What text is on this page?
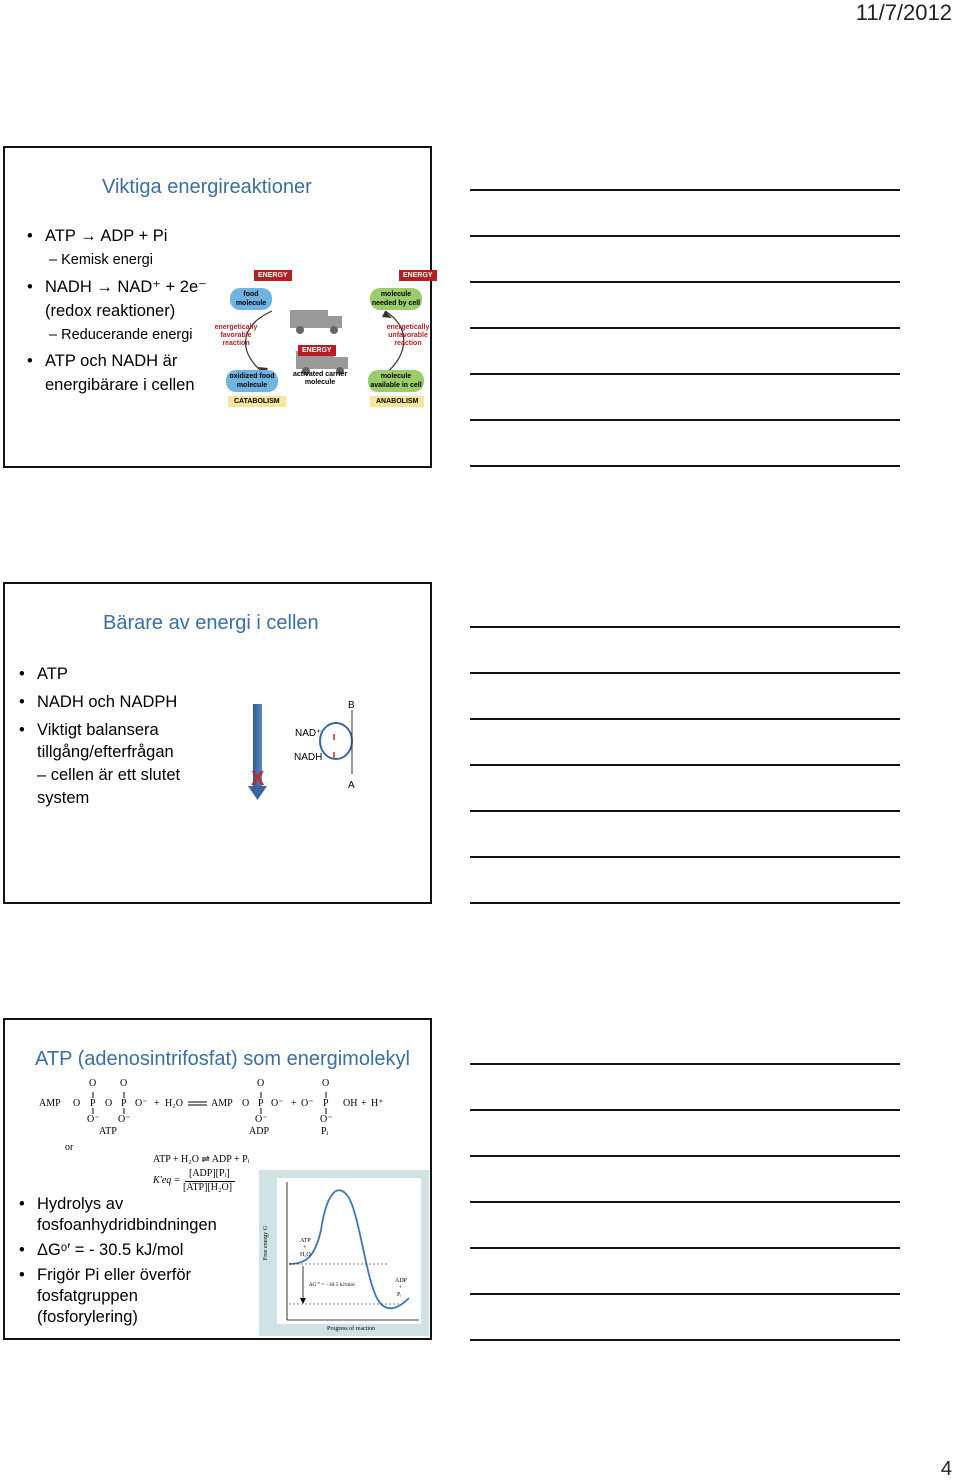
11/7/2012
4
Viktiga energireaktioner
• ATP → ADP + Pi
– Kemisk energi
• NADH → NAD⁺ + 2e⁻
(redox reaktioner)
– Reducerande energi
• ATP och NADH är
energibärare i cellen
ENERGY
food molecule
energetically favorable reaction
oxidized food molecule
ENERGY
activated carrier molecule
ENERGY
molecule needed by cell
energetically unfavorable reaction
molecule available in cell
CATABOLISM	ANABOLISM
Bärare av energi i cellen
• ATP
• NADH och NADPH
• Viktigt balansera
tillgång/efterfrågan
– cellen är ett slutet
system
X
NAD⁺
NADH
B
A
ATP (adenosintrifosfat) som energimolekyl
O O	O	O
AMP O P O P O⁻ + H₂O	AMP O P O⁻ + O⁻ P OH + H⁺
O⁻ O⁻	O⁻	O⁻
ATP	ADP	Pᵢ
or
ATP + H₂O ⇌ ADP + Pᵢ
K′eq =
[ADP][Pᵢ]
[ATP][H₂O]
• Hydrolys av
fosfoanhydridbindningen
• ΔGᵒ′ = - 30.5 kJ/mol
• Frigör Pi eller överför
fosfatgruppen
(fosforylering)
Free energy G	ATP
+
H₂O
ΔG′° = −30.5 kJ/mol
ADP
+
Pᵢ
Progress of reaction
